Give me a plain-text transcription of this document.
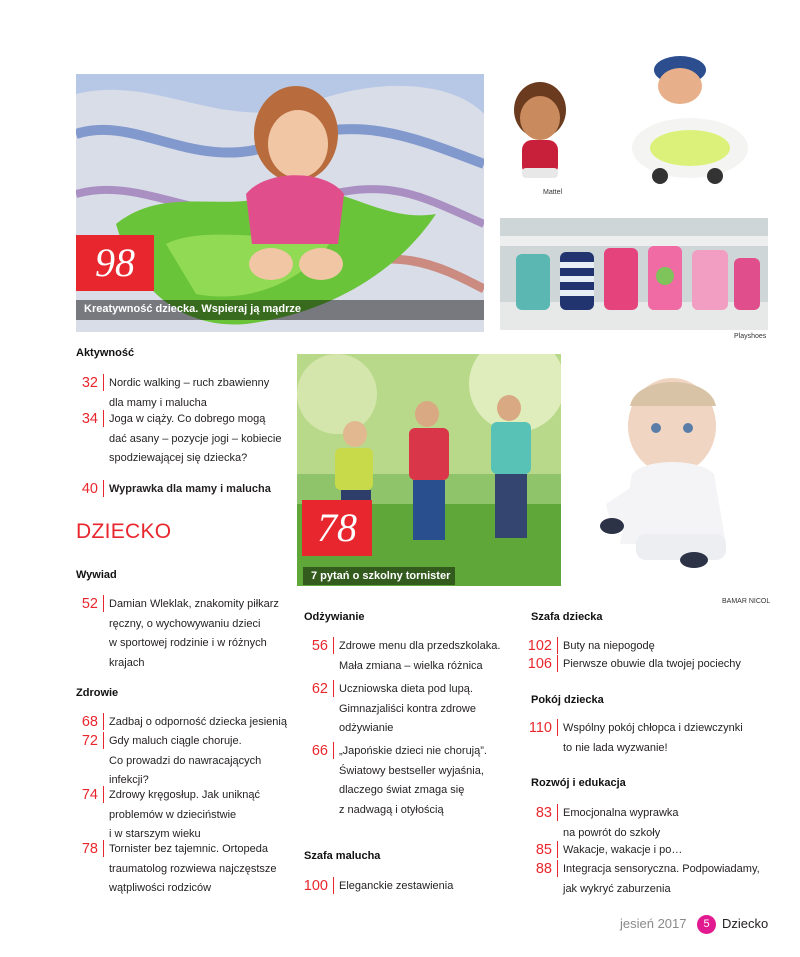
98
Kreatywność dziecka. Wspieraj ją mądrze
Mattel
Playshoes
78
7 pytań o szkolny tornister
BAMAR NICOL
Aktywność
32	Nordic walking – ruch zbawienny
dla mamy i malucha
34	Joga w ciąży. Co dobrego mogą
dać asany – pozycje jogi – kobiecie
spodziewającej się dziecka?
40	Wyprawka dla mamy i malucha
DZIECKO
Wywiad
52	Damian Wleklak, znakomity piłkarz
ręczny, o wychowywaniu dzieci
w sportowej rodzinie i w różnych
krajach
Zdrowie
68	Zadbaj o odporność dziecka jesienią
72	Gdy maluch ciągle choruje.
Co prowadzi do nawracających
infekcji?
74	Zdrowy kręgosłup. Jak uniknąć
problemów w dzieciństwie
i w starszym wieku
78	Tornister bez tajemnic. Ortopeda
traumatolog rozwiewa najczęstsze
wątpliwości rodziców
Odżywianie
56	Zdrowe menu dla przedszkolaka.
Mała zmiana – wielka różnica
62	Uczniowska dieta pod lupą.
Gimnazjaliści kontra zdrowe
odżywianie
66	„Japońskie dzieci nie chorują”.
Światowy bestseller wyjaśnia,
dlaczego świat zmaga się
z nadwagą i otyłością
Szafa malucha
100	Eleganckie zestawienia
Szafa dziecka
102	Buty na niepogodę
106	Pierwsze obuwie dla twojej pociechy
Pokój dziecka
110	Wspólny pokój chłopca i dziewczynki
to nie lada wyzwanie!
Rozwój i edukacja
83	Emocjonalna wyprawka
na powrót do szkoły
85	Wakacje, wakacje i po…
88	Integracja sensoryczna. Podpowiadamy,
jak wykryć zaburzenia
jesień 2017	5 Dziecko
